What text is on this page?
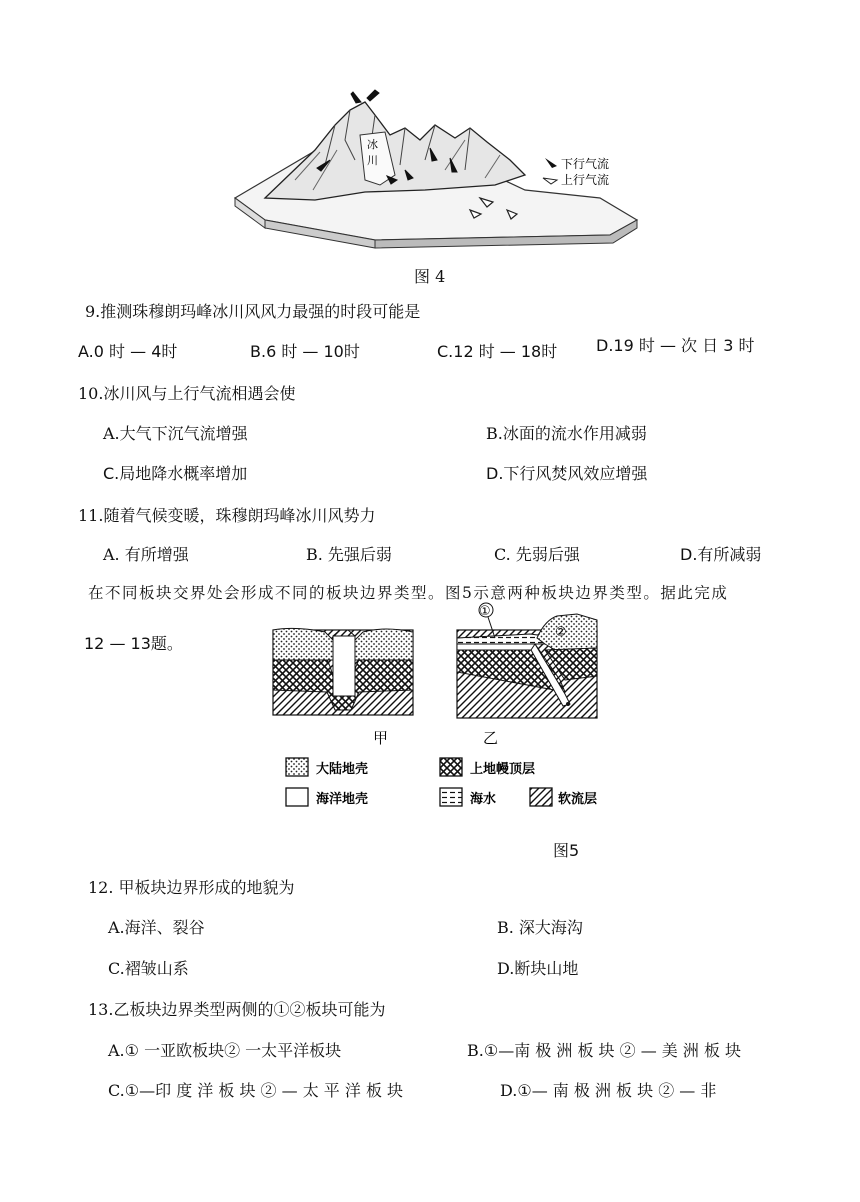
冰
川	下行气流
上行气流
图 4
9.推测珠穆朗玛峰冰川风风力最强的时段可能是
A.0 时 — 4时	B.6 时 — 10时	C.12 时 — 18时 D.19 时 — 次 日 3 时
10.冰川风与上行气流相遇会使
A.大气下沉气流增强	B.冰面的流水作用减弱
C.局地降水概率增加	D.下行风焚风效应增强
11.随着气候变暖，珠穆朗玛峰冰川风势力
A. 有所增强	B. 先强后弱	C. 先弱后强	D.有所减弱
在不同板块交界处会形成不同的板块边界类型。图5示意两种板块边界类型。据此完成
12 — 13题。
①
②
甲	乙
大陆地壳	上地幔顶层
海洋地壳	海水	软流层
图5
12. 甲板块边界形成的地貌为
A.海洋、裂谷	B. 深大海沟
C.褶皱山系	D.断块山地
13.乙板块边界类型两侧的①②板块可能为
A.① 一亚欧板块② 一太平洋板块	B.①—南 极 洲 板 块 ② — 美 洲 板 块
C.①—印 度 洋 板 块 ② — 太 平 洋 板 块	D.①— 南 极 洲 板 块 ② — 非
